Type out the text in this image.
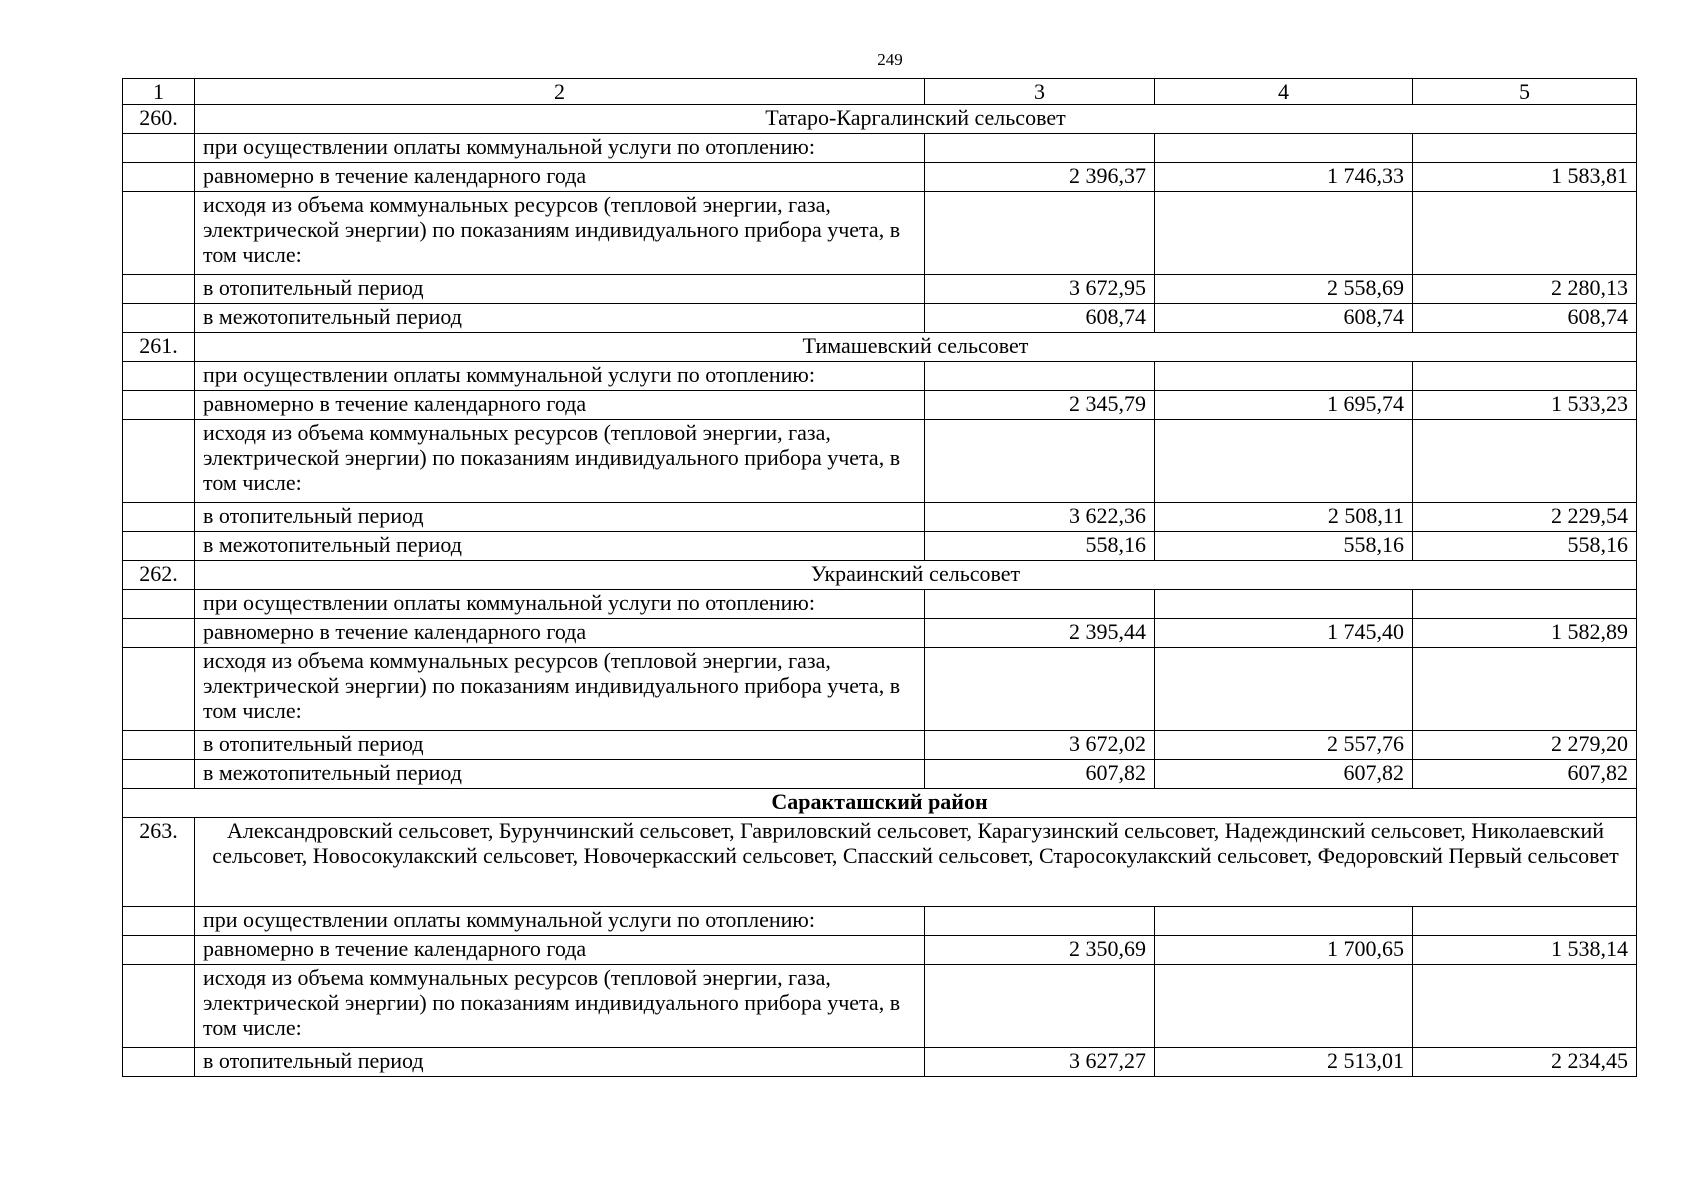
249
1	2	3	4	5
260.	Татаро-Каргалинский сельсовет			
	при осуществлении оплаты коммунальной услуги по отоплению:			
	равномерно в течение календарного года	2 396,37	1 746,33	1 583,81
	исходя из объема коммунальных ресурсов (тепловой энергии, газа, электрической энергии) по показаниям индивидуального прибора учета, в том числе:			
	в отопительный период	3 672,95	2 558,69	2 280,13
	в межотопительный период	608,74	608,74	608,74
261.	Тимашевский сельсовет			
	при осуществлении оплаты коммунальной услуги по отоплению:			
	равномерно в течение календарного года	2 345,79	1 695,74	1 533,23
	исходя из объема коммунальных ресурсов (тепловой энергии, газа, электрической энергии) по показаниям индивидуального прибора учета, в том числе:			
	в отопительный период	3 622,36	2 508,11	2 229,54
	в межотопительный период	558,16	558,16	558,16
262.	Украинский сельсовет			
	при осуществлении оплаты коммунальной услуги по отоплению:			
	равномерно в течение календарного года	2 395,44	1 745,40	1 582,89
	исходя из объема коммунальных ресурсов (тепловой энергии, газа, электрической энергии) по показаниям индивидуального прибора учета, в том числе:			
	в отопительный период	3 672,02	2 557,76	2 279,20
	в межотопительный период	607,82	607,82	607,82
Саракташский район				
263.	Александровский сельсовет, Бурунчинский сельсовет, Гавриловский сельсовет, Карагузинский сельсовет, Надеждинский сельсовет, Николаевский сельсовет, Новосокулакский сельсовет, Новочеркасский сельсовет, Спасский сельсовет, Старосокулакский сельсовет, Федоровский Первый сельсовет			
	при осуществлении оплаты коммунальной услуги по отоплению:			
	равномерно в течение календарного года	2 350,69	1 700,65	1 538,14
	исходя из объема коммунальных ресурсов (тепловой энергии, газа, электрической энергии) по показаниям индивидуального прибора учета, в том числе:			
	в отопительный период	3 627,27	2 513,01	2 234,45
